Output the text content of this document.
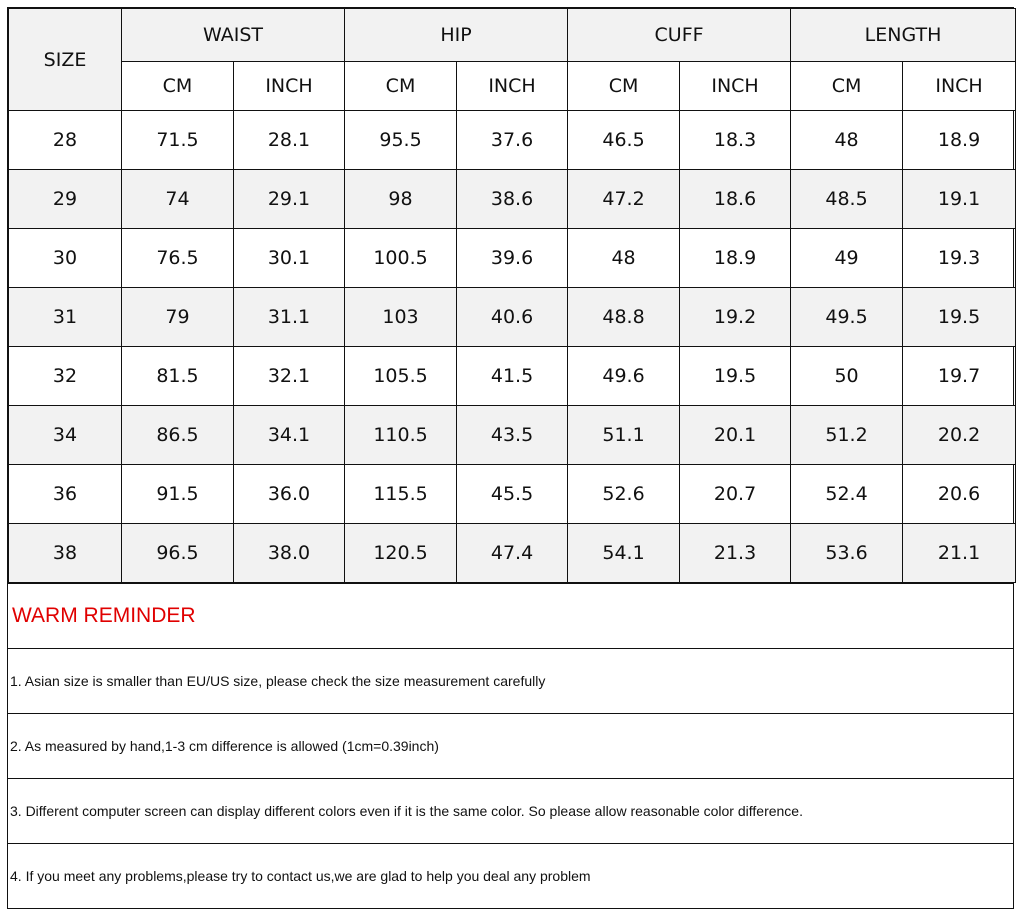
SIZE	WAIST		HIP		CUFF		LENGTH	
	CM	INCH	CM	INCH	CM	INCH	CM	INCH
28	71.5	28.1	95.5	37.6	46.5	18.3	48	18.9
29	74	29.1	98	38.6	47.2	18.6	48.5	19.1
30	76.5	30.1	100.5	39.6	48	18.9	49	19.3
31	79	31.1	103	40.6	48.8	19.2	49.5	19.5
32	81.5	32.1	105.5	41.5	49.6	19.5	50	19.7
34	86.5	34.1	110.5	43.5	51.1	20.1	51.2	20.2
36	91.5	36.0	115.5	45.5	52.6	20.7	52.4	20.6
38	96.5	38.0	120.5	47.4	54.1	21.3	53.6	21.1
WARM REMINDER
1. Asian size is smaller than EU/US size, please check the size measurement carefully
2. As measured by hand,1-3 cm difference is allowed (1cm=0.39inch)
3. Different computer screen can display different colors even if it is the same color. So please allow reasonable color difference.
4. If you meet any problems,please try to contact us,we are glad to help you deal any problem
